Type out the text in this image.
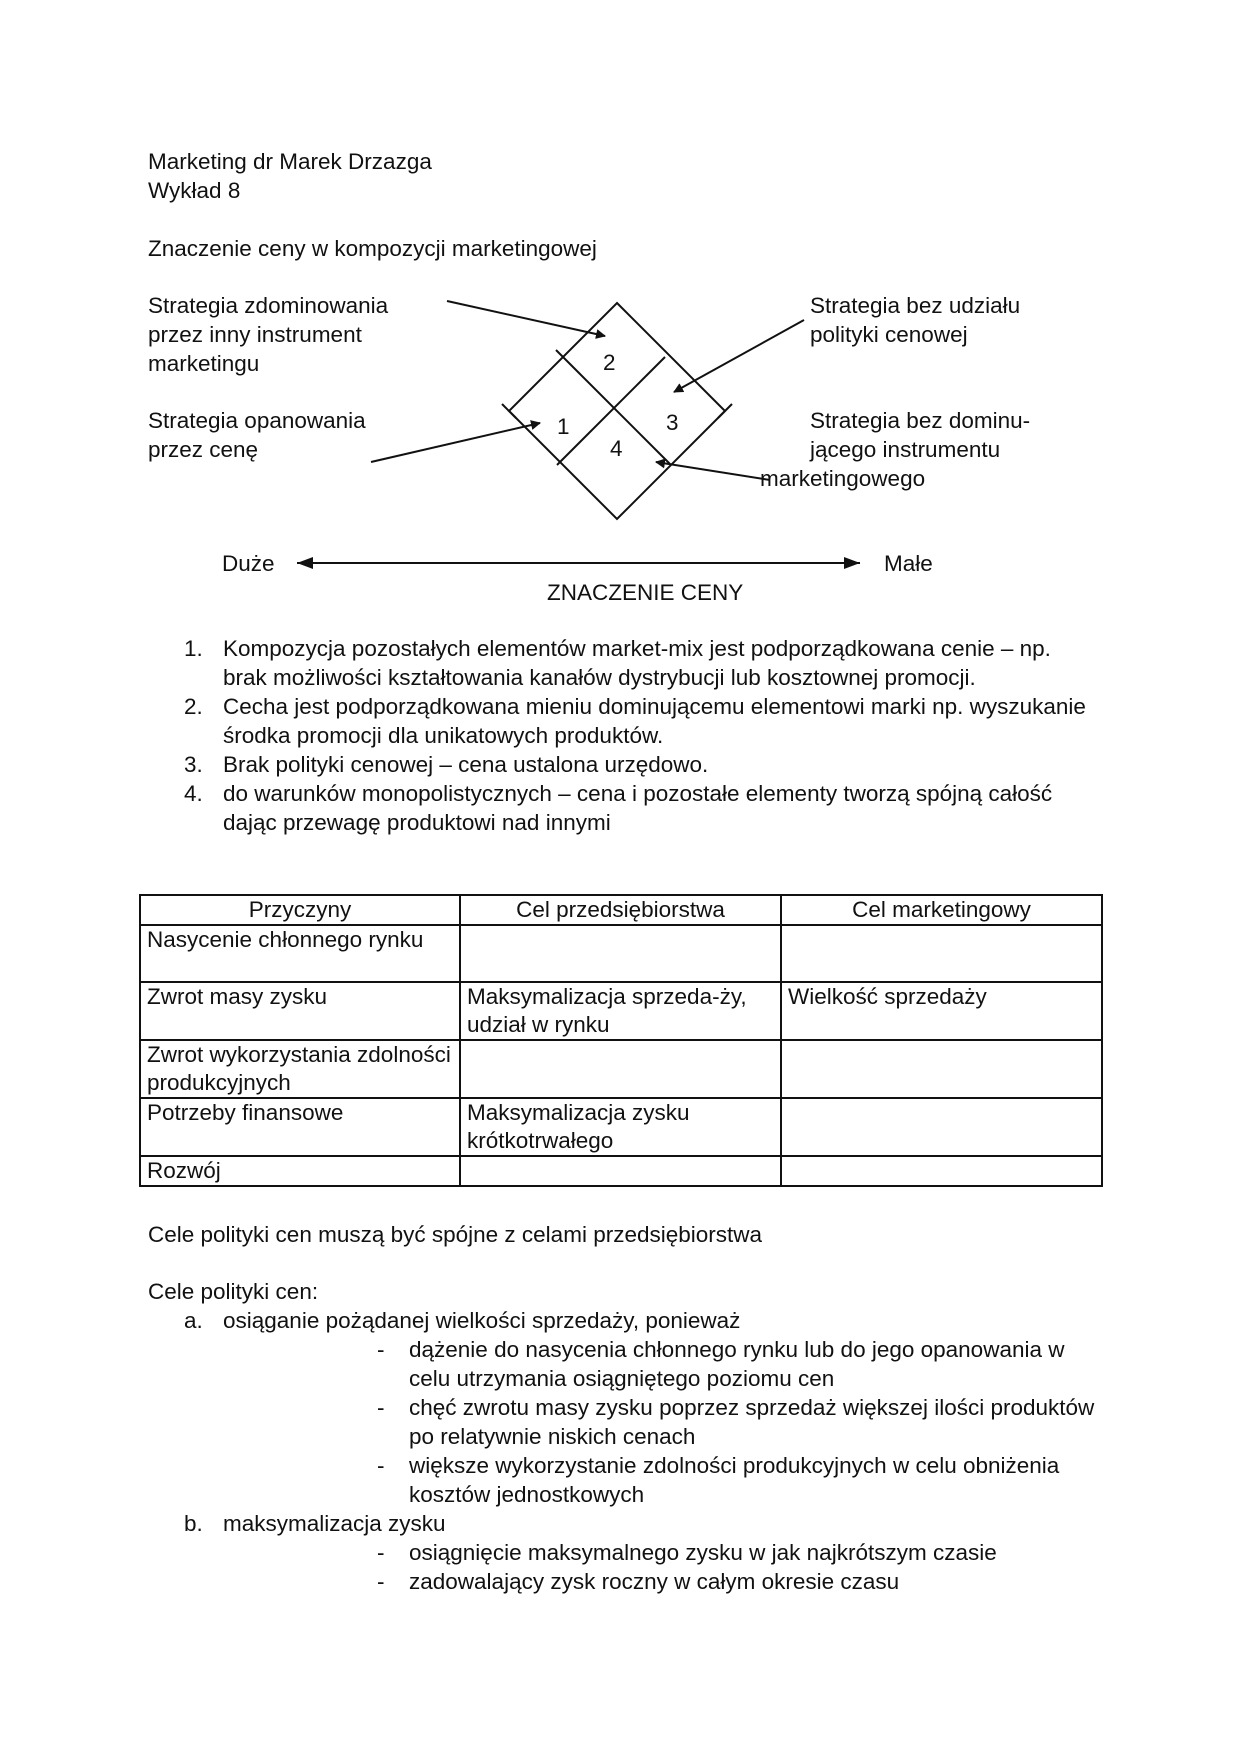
Marketing dr Marek Drzazga
Wykład 8
Znaczenie ceny w kompozycji marketingowej
Strategia zdominowania
przez inny instrument
marketingu
Strategia opanowania
przez cenę
Strategia bez udziału
polityki cenowej
Strategia bez dominu-
jącego instrumentu
marketingowego
1
2
3
4
Duże	Małe
ZNACZENIE CENY
1. Kompozycja pozostałych elementów market-mix jest podporządkowana cenie – np. brak możliwości kształtowania kanałów dystrybucji lub kosztownej promocji.
2. Cecha jest podporządkowana mieniu dominującemu elementowi marki np. wyszukanie środka promocji dla unikatowych produktów.
3. Brak polityki cenowej – cena ustalona urzędowo.
4. do warunków monopolistycznych – cena i pozostałe elementy tworzą spójną całość dając przewagę produktowi nad innymi
Przyczyny	Cel przedsiębiorstwa	Cel marketingowy
Nasycenie chłonnego rynku		
Zwrot masy zysku	Maksymalizacja sprzeda-ży, udział w rynku	Wielkość sprzedaży
Zwrot wykorzystania zdolności produkcyjnych		
Potrzeby finansowe	Maksymalizacja zysku krótkotrwałego	
Rozwój		
Cele polityki cen muszą być spójne z celami przedsiębiorstwa
Cele polityki cen:
a. osiąganie pożądanej wielkości sprzedaży, ponieważ
- dążenie do nasycenia chłonnego rynku lub do jego opanowania w celu utrzymania osiągniętego poziomu cen
- chęć zwrotu masy zysku poprzez sprzedaż większej ilości produktów po relatywnie niskich cenach
- większe wykorzystanie zdolności produkcyjnych w celu obniżenia kosztów jednostkowych
b. maksymalizacja zysku
- osiągnięcie maksymalnego zysku w jak najkrótszym czasie
- zadowalający zysk roczny w całym okresie czasu
